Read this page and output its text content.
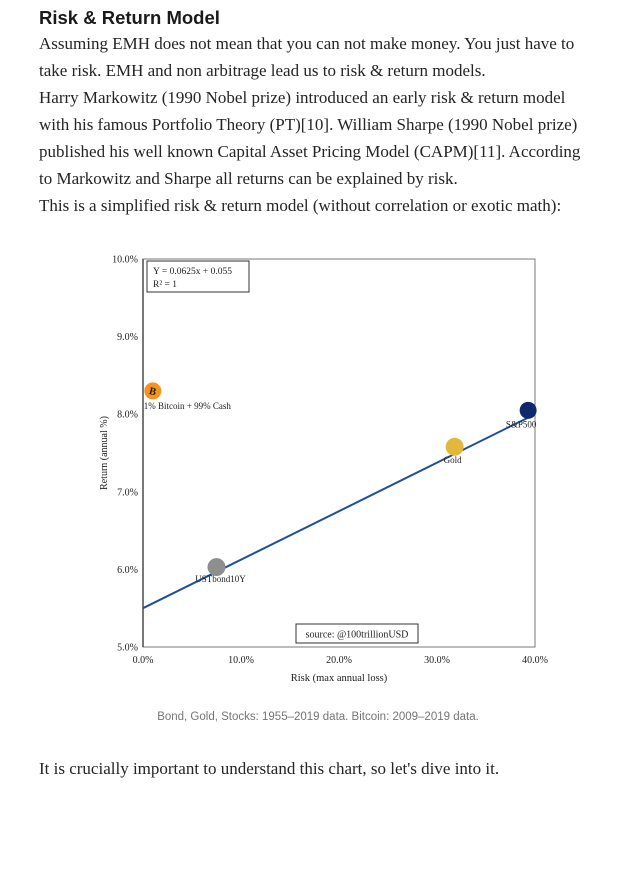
Risk & Return Model

Assuming EMH does not mean that you can not make money. You just have to take risk. EMH and non arbitrage lead us to risk & return models.

Harry Markowitz (1990 Nobel prize) introduced an early risk & return model with his famous Portfolio Theory (PT)[10]. William Sharpe (1990 Nobel prize) published his well known Capital Asset Pricing Model (CAPM)[11]. According to Markowitz and Sharpe all returns can be explained by risk.

This is a simplified risk & return model (without correlation or exotic math):

5.0%
6.0%
7.0%
8.0%
9.0%
10.0%
0.0%	10.0%	20.0%	30.0%	40.0%
Risk (max annual loss)
Return (annual %)
Y = 0.0625x + 0.055
R² = 1
B
1% Bitcoin + 99% Cash
USTbond10Y
Gold
S&P500
source: @100trillionUSD
Bond, Gold, Stocks: 1955–2019 data. Bitcoin: 2009–2019 data.

It is crucially important to understand this chart, so let's dive into it.
